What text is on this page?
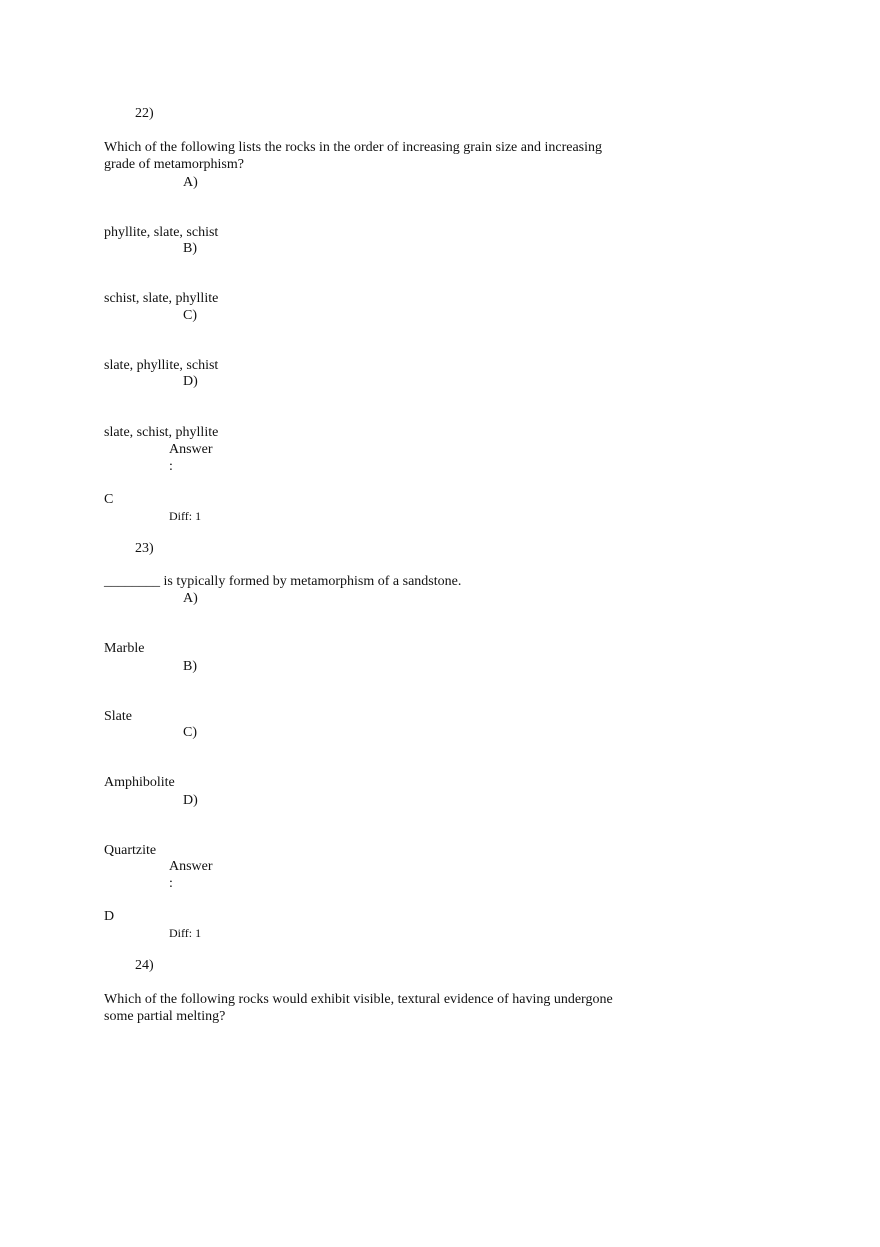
22)
Which of the following lists the rocks in the order of increasing grain size and increasing
grade of metamorphism?
A)
phyllite, slate, schist
B)
schist, slate, phyllite
C)
slate, phyllite, schist
D)
slate, schist, phyllite
Answer
:
C
Diff: 1
23)
________ is typically formed by metamorphism of a sandstone.
A)
Marble
B)
Slate
C)
Amphibolite
D)
Quartzite
Answer
:
D
Diff: 1
24)
Which of the following rocks would exhibit visible, textural evidence of having undergone
some partial melting?
